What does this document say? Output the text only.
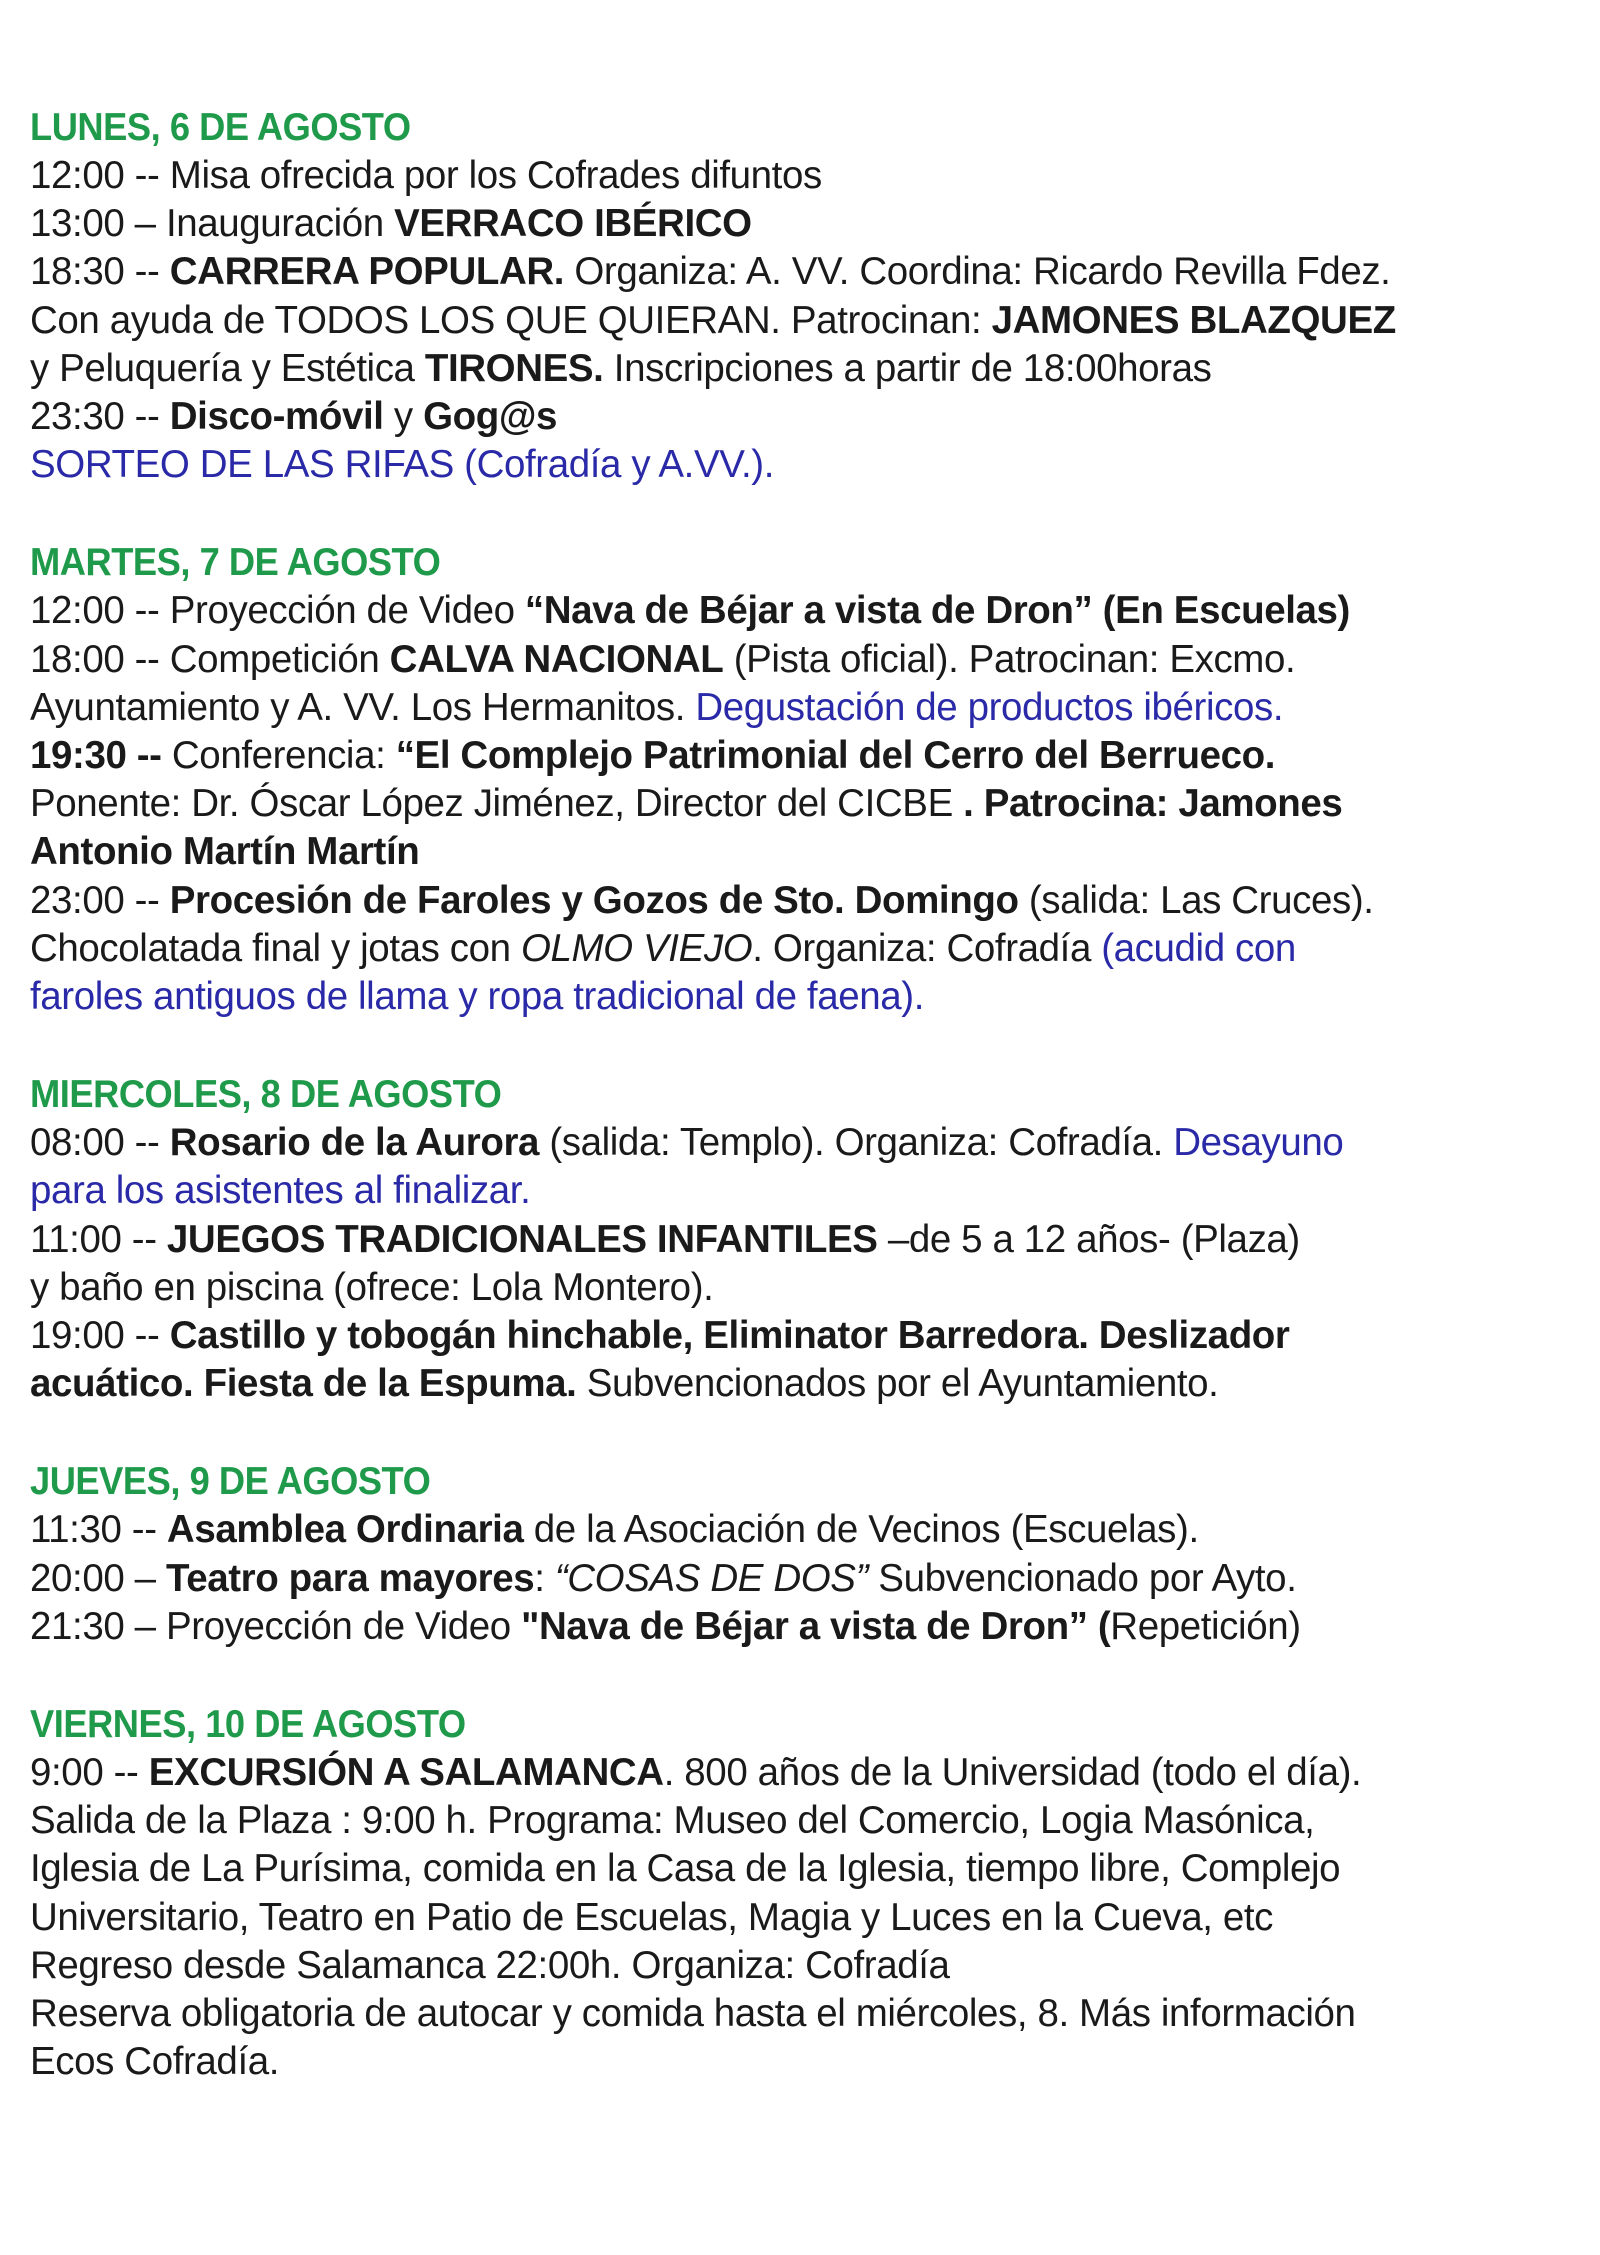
LUNES, 6 DE AGOSTO
12:00 -- Misa ofrecida por los Cofrades difuntos
13:00 – Inauguración VERRACO IBÉRICO
18:30 -- CARRERA POPULAR. Organiza: A. VV. Coordina: Ricardo Revilla Fdez.
Con ayuda de TODOS LOS QUE QUIERAN. Patrocinan: JAMONES BLAZQUEZ
y Peluquería y Estética TIRONES. Inscripciones a partir de 18:00horas
23:30 -- Disco-móvil y Gog@s
SORTEO DE LAS RIFAS (Cofradía y A.VV.).
MARTES, 7 DE AGOSTO
12:00 -- Proyección de Video “Nava de Béjar a vista de Dron” (En Escuelas)
18:00 -- Competición CALVA NACIONAL (Pista oficial). Patrocinan: Excmo.
Ayuntamiento y A. VV. Los Hermanitos. Degustación de productos ibéricos.
19:30 -- Conferencia: “El Complejo Patrimonial del Cerro del Berrueco.
Ponente: Dr. Óscar López Jiménez, Director del CICBE . Patrocina: Jamones
Antonio Martín Martín
23:00 -- Procesión de Faroles y Gozos de Sto. Domingo (salida: Las Cruces).
Chocolatada final y jotas con OLMO VIEJO. Organiza: Cofradía (acudid con
faroles antiguos de llama y ropa tradicional de faena).
MIERCOLES, 8 DE AGOSTO
08:00 -- Rosario de la Aurora (salida: Templo). Organiza: Cofradía. Desayuno
para los asistentes al finalizar.
11:00 -- JUEGOS TRADICIONALES INFANTILES –de 5 a 12 años- (Plaza)
y baño en piscina (ofrece: Lola Montero).
19:00 -- Castillo y tobogán hinchable, Eliminator Barredora. Deslizador
acuático. Fiesta de la Espuma. Subvencionados por el Ayuntamiento.
JUEVES, 9 DE AGOSTO
11:30 -- Asamblea Ordinaria de la Asociación de Vecinos (Escuelas).
20:00 – Teatro para mayores: “COSAS DE DOS” Subvencionado por Ayto.
21:30 – Proyección de Video "Nava de Béjar a vista de Dron” (Repetición)
VIERNES, 10 DE AGOSTO
9:00 -- EXCURSIÓN A SALAMANCA. 800 años de la Universidad (todo el día).
Salida de la Plaza : 9:00 h. Programa: Museo del Comercio, Logia Masónica,
Iglesia de La Purísima, comida en la Casa de la Iglesia, tiempo libre, Complejo
Universitario, Teatro en Patio de Escuelas, Magia y Luces en la Cueva, etc
Regreso desde Salamanca 22:00h. Organiza: Cofradía
Reserva obligatoria de autocar y comida hasta el miércoles, 8. Más información
Ecos Cofradía.
